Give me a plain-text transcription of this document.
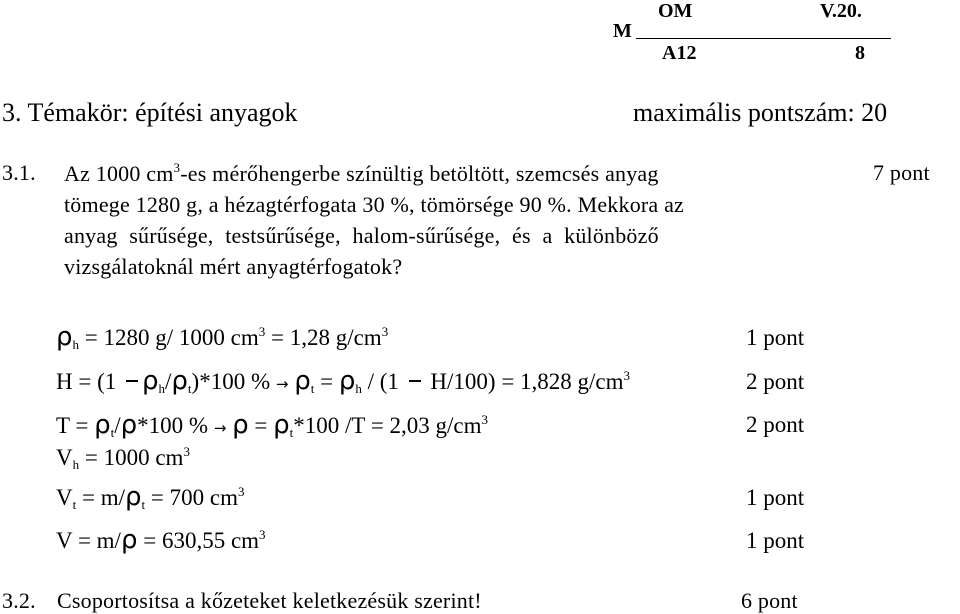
OM	V.20.
M
A12	8
3. Témakör: építési anyagok	maximális pontszám: 20
3.1. Az 1000 $cm^3-es$ mérőhengerbe színültig betöltött, szemcsés anyag	7 pont
tömege 1280 g, a hézagtérfogata 30 %, tömörsége 90 %. Mekkora az
anyag sűrűsége, testsűrűsége, halom-sűrűsége, és a különböző
vizsgálatoknál mért anyagtérfogatok?
$\rho_h = 1280$ g/ 1000 $cm^3 = 1,28$ $g/cm^3$	1 pont
H = (1 $\rho_h/\rho_t)*100$ % → $\rho_t = \rho_h / (1$  H/100) = 1,828 $g/cm^3$	2 pont
$T = \rho_t/\rho*100$ % → $\rho = \rho_t*100$ /T = 2,03 $g/cm^3$	2 pont
$V_h = 1000$ $cm^3$
$V_t = m/\rho_t = 700$ $cm^3$	1 pont
V = m/ρ = 630,55 $cm^3$	1 pont
3.2. Csoportosítsa a kőzeteket keletkezésük szerint!	6 pont
